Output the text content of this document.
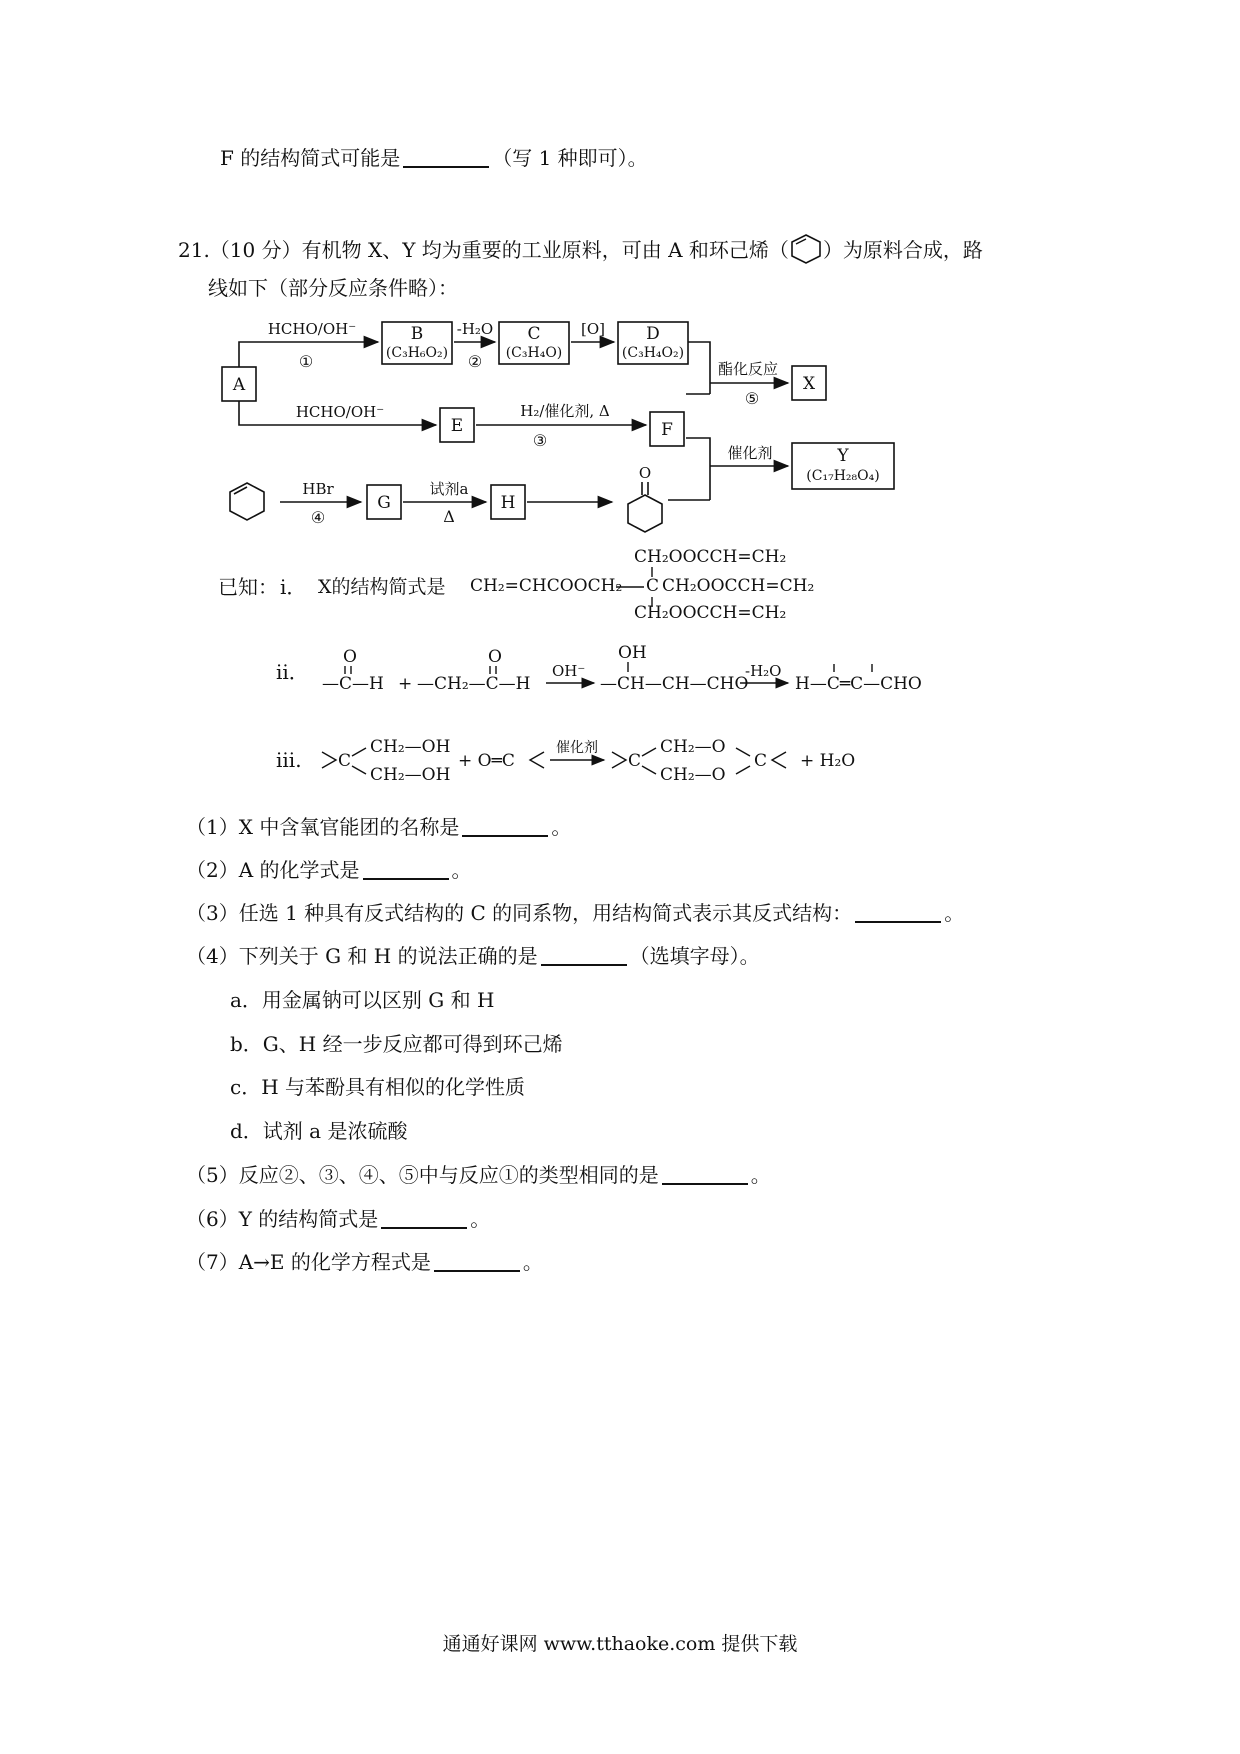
F 的结构简式可能是	（写 1 种即可）。
21.（10 分）有机物 X、Y 均为重要的工业原料，可由 A 和环己烯（ ）为原料合成，路
线如下（部分反应条件略）：
A
B
(C₃H₆O₂)
C
(C₃H₄O)
D
(C₃H₄O₂)
E	F
X
Y
(C₁₇H₂₈O₄)
G	H
HCHO/OH⁻
①
-H₂O
②
[O]
HCHO/OH⁻	H₂/催化剂, Δ
③
酯化反应
⑤
催化剂
HBr
④
试剂a
Δ
O
已知： i． X的结构简式是 CH₂=CHCOOCH₂
CH₂OOCCH=CH₂
C CH₂OOCCH=CH₂
CH₂OOCCH=CH₂
ii．
O
—C—H +
O
—CH₂—C—H
OH⁻
OH
—CH—CH—CHO
-H₂O
H—C═C—CHO
iii. C
CH₂—OH
CH₂—OH
+ O═C
催化剂
C
CH₂—O
CH₂—O
C + H₂O
（1）X 中含氧官能团的名称是	。
（2）A 的化学式是	。
（3）任选 1 种具有反式结构的 C 的同系物，用结构简式表示其反式结构：	。
（4）下列关于 G 和 H 的说法正确的是	（选填字母）。
a．用金属钠可以区别 G 和 H
b．G、H 经一步反应都可得到环己烯
c．H 与苯酚具有相似的化学性质
d．试剂 a 是浓硫酸
（5）反应②、③、④、⑤中与反应①的类型相同的是	。
（6）Y 的结构简式是	。
（7）A→E 的化学方程式是	。
通通好课网 www.tthaoke.com 提供下载
